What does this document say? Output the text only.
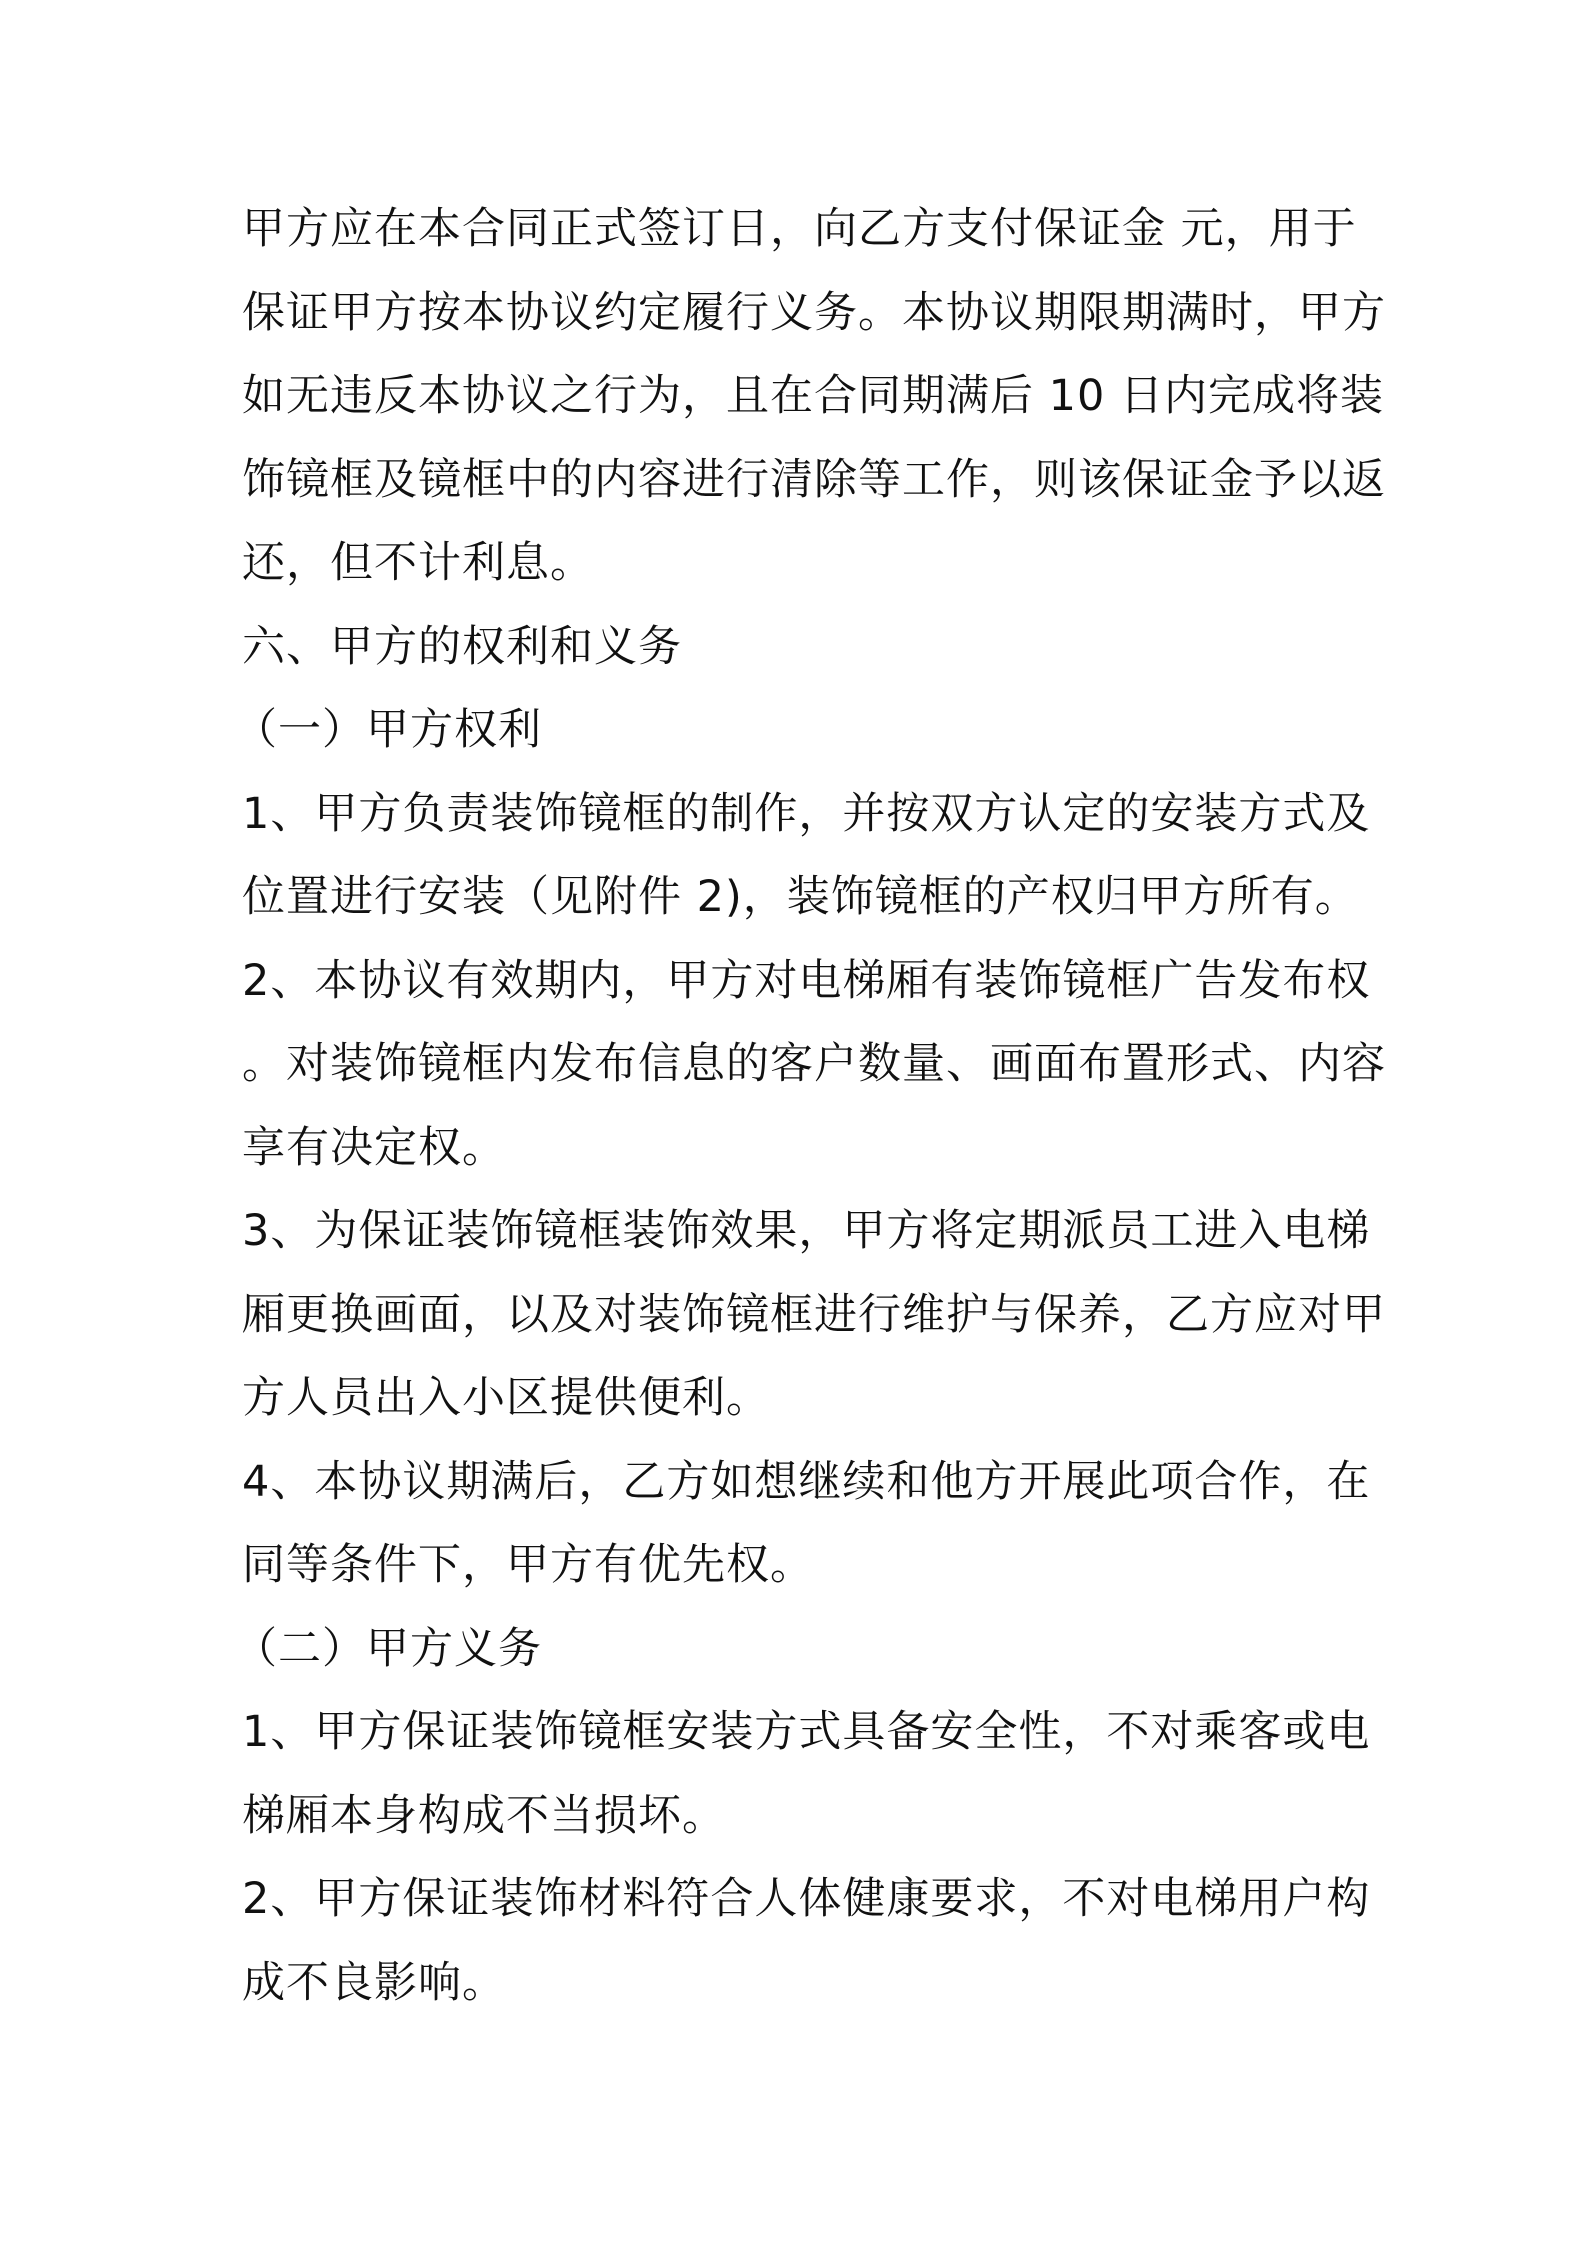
甲方应在本合同正式签订日，向乙方支付保证金 元，用于
保证甲方按本协议约定履行义务。本协议期限期满时，甲方
如无违反本协议之行为，且在合同期满后 10 日内完成将装
饰镜框及镜框中的内容进行清除等工作，则该保证金予以返
还，但不计利息。
六、甲方的权利和义务
（一）甲方权利
1、甲方负责装饰镜框的制作，并按双方认定的安装方式及
位置进行安装（见附件 2)，装饰镜框的产权归甲方所有。
2、本协议有效期内，甲方对电梯厢有装饰镜框广告发布权
。对装饰镜框内发布信息的客户数量、画面布置形式、内容
享有决定权。
3、为保证装饰镜框装饰效果，甲方将定期派员工进入电梯
厢更换画面，以及对装饰镜框进行维护与保养，乙方应对甲
方人员出入小区提供便利。
4、本协议期满后，乙方如想继续和他方开展此项合作，在
同等条件下，甲方有优先权。
（二）甲方义务
1、甲方保证装饰镜框安装方式具备安全性，不对乘客或电
梯厢本身构成不当损坏。
2、甲方保证装饰材料符合人体健康要求，不对电梯用户构
成不良影响。
